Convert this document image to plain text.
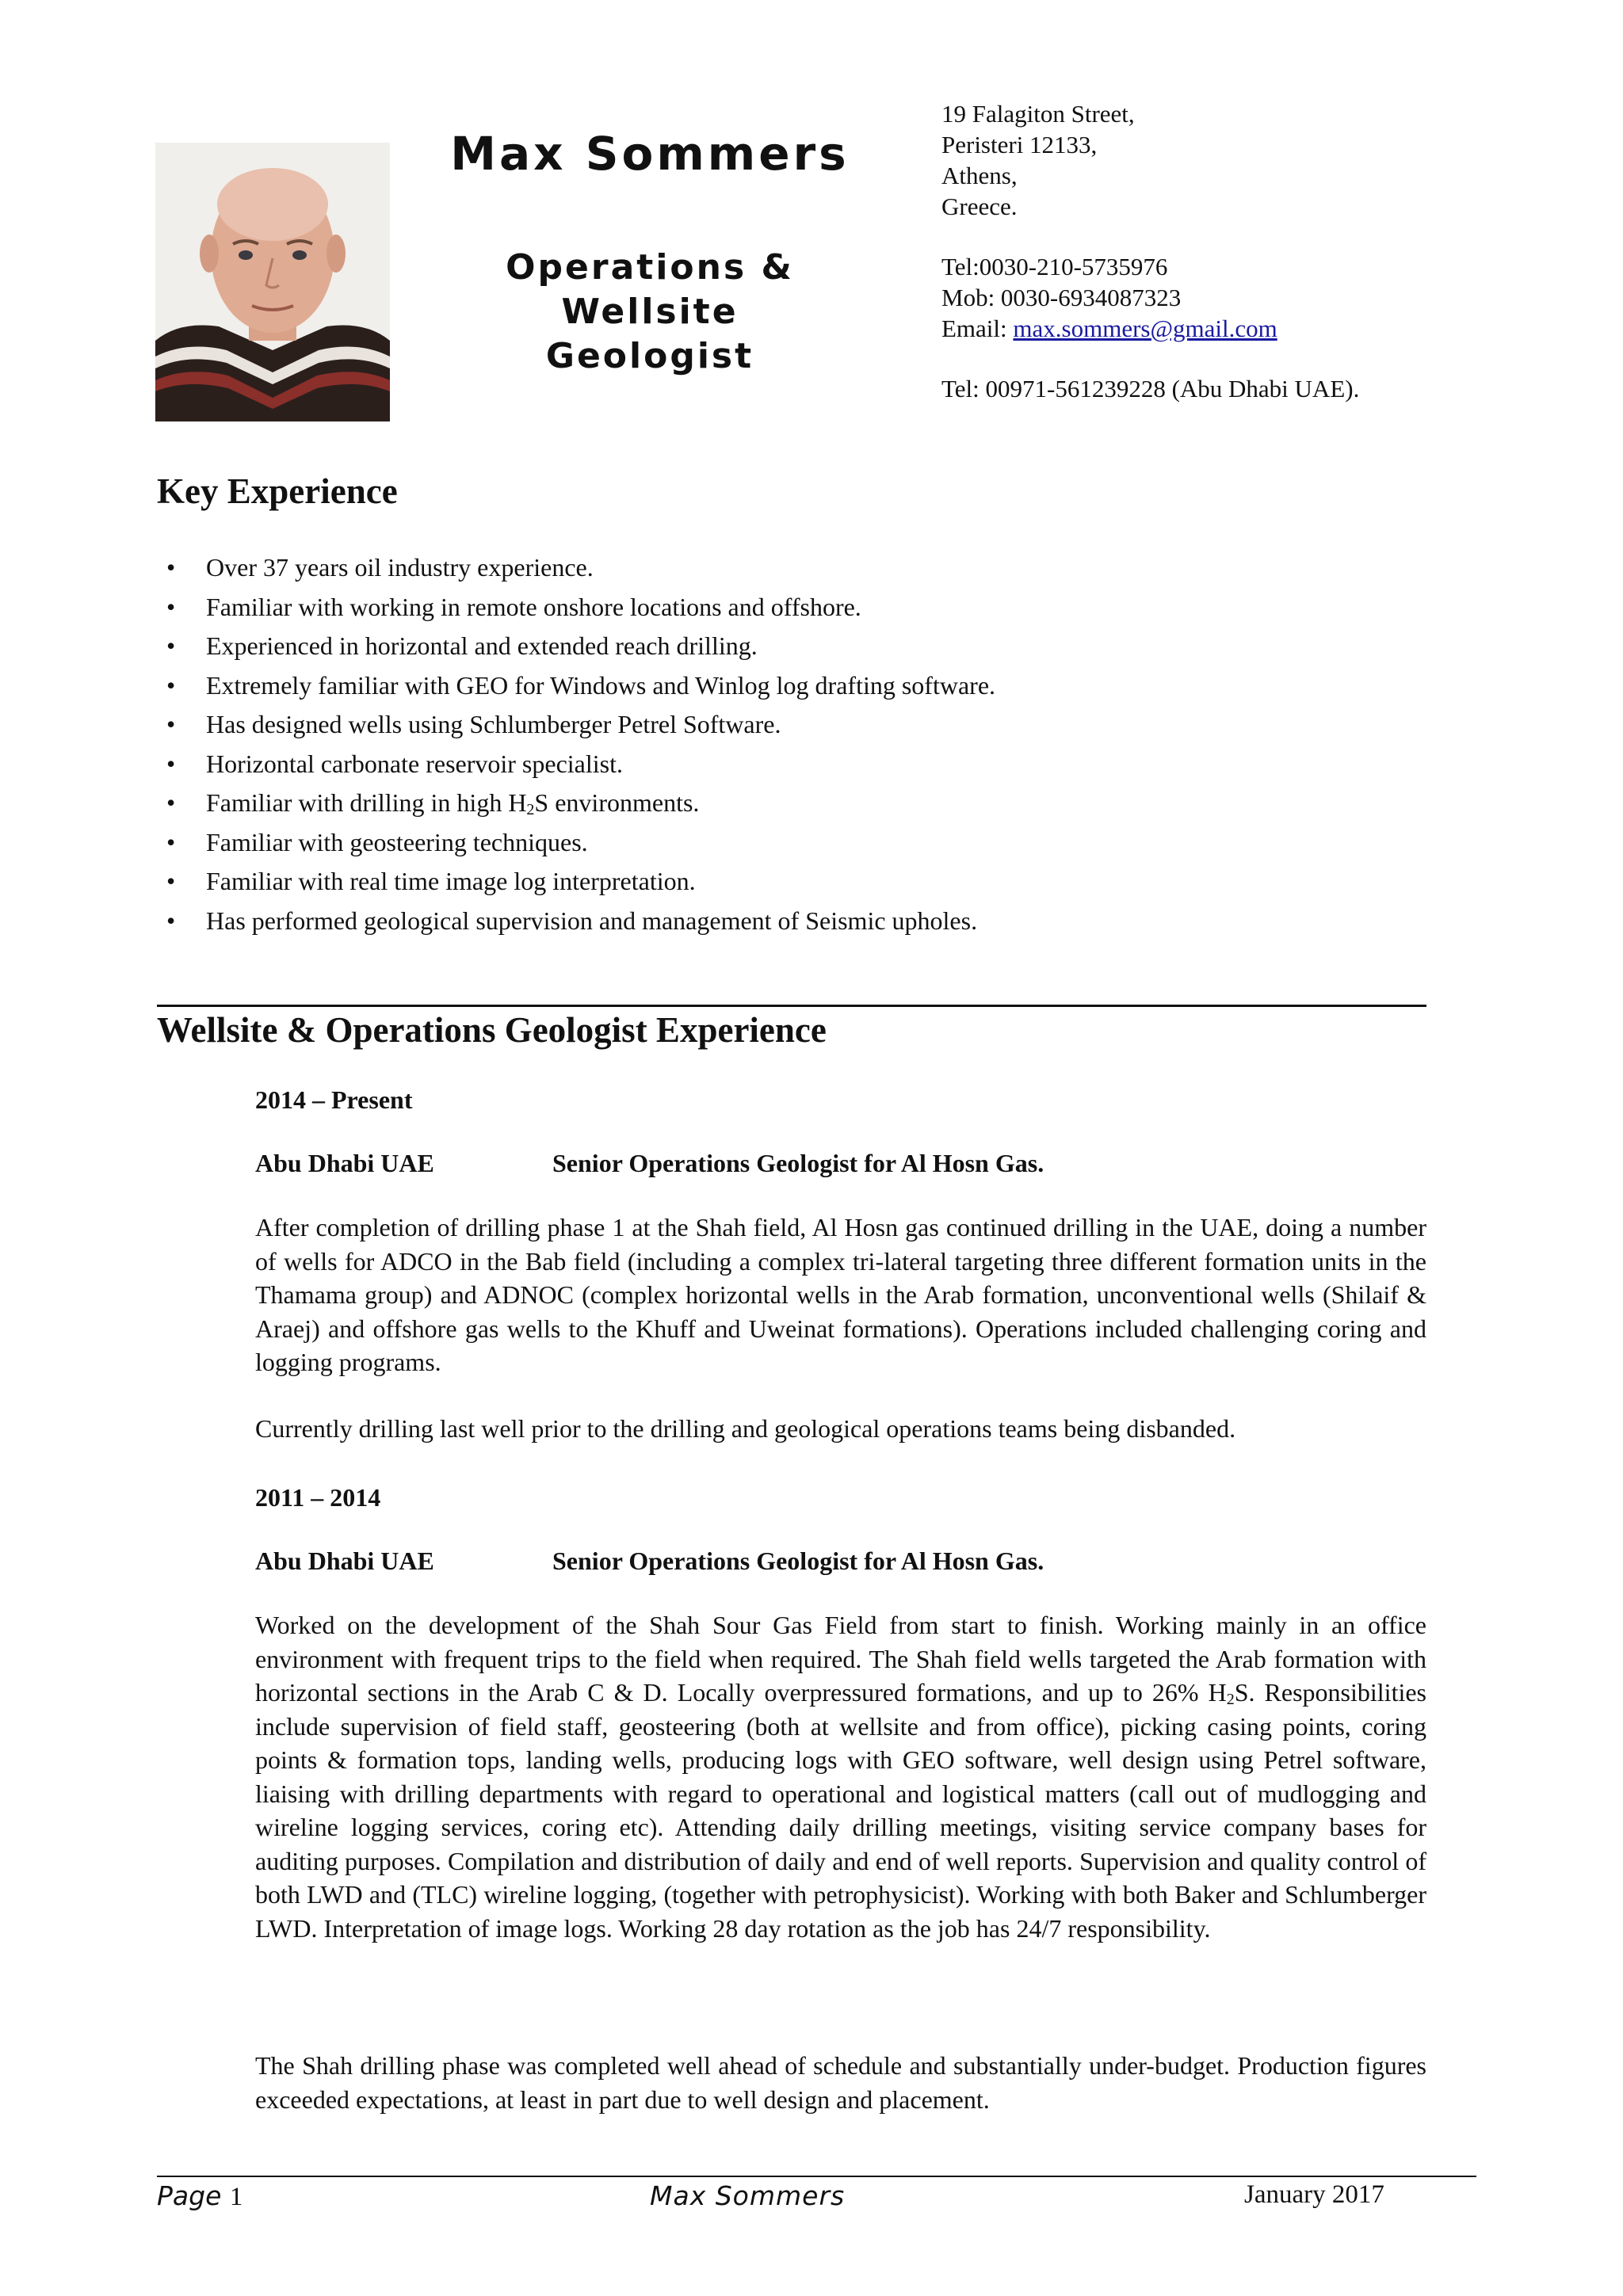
Max Sommers
Operations & Wellsite
Geologist
19 Falagiton Street,
Peristeri 12133,
Athens,
Greece.
Tel:0030-210-5735976
Mob: 0030-6934087323
Email: max.sommers@gmail.com
Tel: 00971-561239228 (Abu Dhabi UAE).
Key Experience
• Over 37 years oil industry experience.
• Familiar with working in remote onshore locations and offshore.
• Experienced in horizontal and extended reach drilling.
• Extremely familiar with GEO for Windows and Winlog log drafting software.
• Has designed wells using Schlumberger Petrel Software.
• Horizontal carbonate reservoir specialist.
• Familiar with drilling in high $H_2S$ environments.
• Familiar with geosteering techniques.
• Familiar with real time image log interpretation.
• Has performed geological supervision and management of Seismic upholes.
Wellsite & Operations Geologist Experience
2014 – Present
Abu Dhabi UAE	Senior Operations Geologist for Al Hosn Gas.
After completion of drilling phase 1 at the Shah field, Al Hosn gas continued drilling in the UAE, doing a number of wells for ADCO in the Bab field (including a complex tri-lateral targeting three different formation units in the Thamama group) and ADNOC (complex horizontal wells in the Arab formation, unconventional wells (Shilaif & Araej) and offshore gas wells to the Khuff and Uweinat formations). Operations included challenging coring and logging programs.
Currently drilling last well prior to the drilling and geological operations teams being disbanded.
2011 – 2014
Abu Dhabi UAE	Senior Operations Geologist for Al Hosn Gas.
Worked on the development of the Shah Sour Gas Field from start to finish. Working mainly in an office environment with frequent trips to the field when required. The Shah field wells targeted the Arab formation with horizontal sections in the Arab C & D. Locally overpressured formations, and up to 26% $H_2S$. Responsibilities include supervision of field staff, geosteering (both at wellsite and from office), picking casing points, coring points & formation tops, landing wells, producing logs with GEO software, well design using Petrel software, liaising with drilling departments with regard to operational and logistical matters (call out of mudlogging and wireline logging services, coring etc). Attending daily drilling meetings, visiting service company bases for auditing purposes. Compilation and distribution of daily and end of well reports. Supervision and quality control of both LWD and (TLC) wireline logging, (together with petrophysicist). Working with both Baker and Schlumberger LWD. Interpretation of image logs. Working 28 day rotation as the job has 24/7 responsibility.
The Shah drilling phase was completed well ahead of schedule and substantially under-budget. Production figures exceeded expectations, at least in part due to well design and placement.
Page 1	Max Sommers	January 2017
